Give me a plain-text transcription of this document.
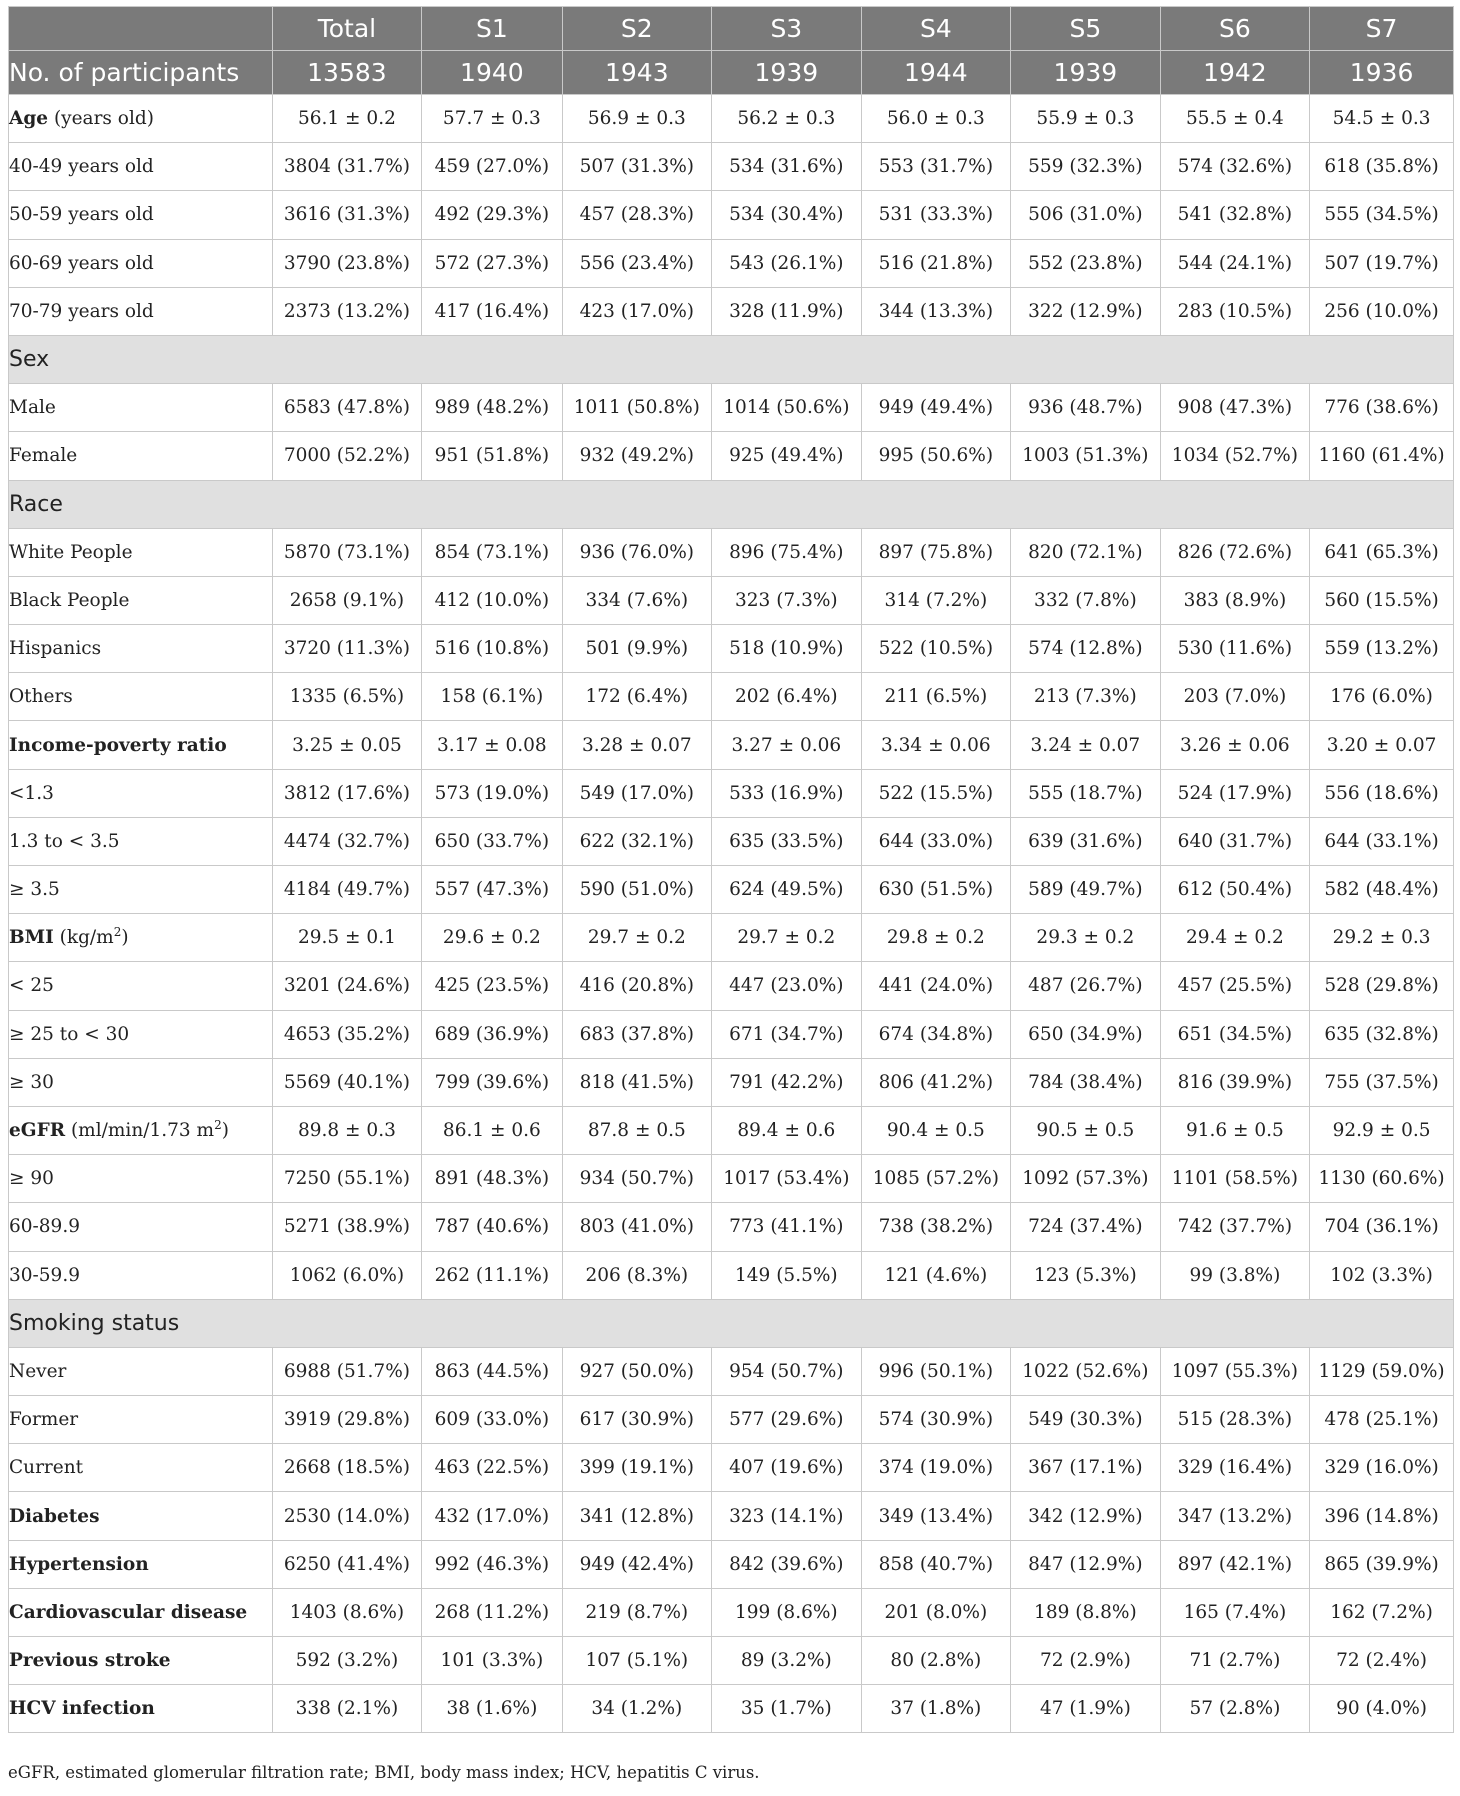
	Total	S1	S2	S3	S4	S5	S6	S7
No. of participants	13583	1940	1943	1939	1944	1939	1942	1936
Age (years old)	56.1 ± 0.2	57.7 ± 0.3	56.9 ± 0.3	56.2 ± 0.3	56.0 ± 0.3	55.9 ± 0.3	55.5 ± 0.4	54.5 ± 0.3
40-49 years old	3804 (31.7%)	459 (27.0%)	507 (31.3%)	534 (31.6%)	553 (31.7%)	559 (32.3%)	574 (32.6%)	618 (35.8%)
50-59 years old	3616 (31.3%)	492 (29.3%)	457 (28.3%)	534 (30.4%)	531 (33.3%)	506 (31.0%)	541 (32.8%)	555 (34.5%)
60-69 years old	3790 (23.8%)	572 (27.3%)	556 (23.4%)	543 (26.1%)	516 (21.8%)	552 (23.8%)	544 (24.1%)	507 (19.7%)
70-79 years old	2373 (13.2%)	417 (16.4%)	423 (17.0%)	328 (11.9%)	344 (13.3%)	322 (12.9%)	283 (10.5%)	256 (10.0%)
Sex								
Male	6583 (47.8%)	989 (48.2%)	1011 (50.8%)	1014 (50.6%)	949 (49.4%)	936 (48.7%)	908 (47.3%)	776 (38.6%)
Female	7000 (52.2%)	951 (51.8%)	932 (49.2%)	925 (49.4%)	995 (50.6%)	1003 (51.3%)	1034 (52.7%)	1160 (61.4%)
Race								
White People	5870 (73.1%)	854 (73.1%)	936 (76.0%)	896 (75.4%)	897 (75.8%)	820 (72.1%)	826 (72.6%)	641 (65.3%)
Black People	2658 (9.1%)	412 (10.0%)	334 (7.6%)	323 (7.3%)	314 (7.2%)	332 (7.8%)	383 (8.9%)	560 (15.5%)
Hispanics	3720 (11.3%)	516 (10.8%)	501 (9.9%)	518 (10.9%)	522 (10.5%)	574 (12.8%)	530 (11.6%)	559 (13.2%)
Others	1335 (6.5%)	158 (6.1%)	172 (6.4%)	202 (6.4%)	211 (6.5%)	213 (7.3%)	203 (7.0%)	176 (6.0%)
Income-poverty ratio	3.25 ± 0.05	3.17 ± 0.08	3.28 ± 0.07	3.27 ± 0.06	3.34 ± 0.06	3.24 ± 0.07	3.26 ± 0.06	3.20 ± 0.07
<1.3	3812 (17.6%)	573 (19.0%)	549 (17.0%)	533 (16.9%)	522 (15.5%)	555 (18.7%)	524 (17.9%)	556 (18.6%)
1.3 to < 3.5	4474 (32.7%)	650 (33.7%)	622 (32.1%)	635 (33.5%)	644 (33.0%)	639 (31.6%)	640 (31.7%)	644 (33.1%)
≥ 3.5	4184 (49.7%)	557 (47.3%)	590 (51.0%)	624 (49.5%)	630 (51.5%)	589 (49.7%)	612 (50.4%)	582 (48.4%)
BMI $(kg/m^2)$	29.5 ± 0.1	29.6 ± 0.2	29.7 ± 0.2	29.7 ± 0.2	29.8 ± 0.2	29.3 ± 0.2	29.4 ± 0.2	29.2 ± 0.3
< 25	3201 (24.6%)	425 (23.5%)	416 (20.8%)	447 (23.0%)	441 (24.0%)	487 (26.7%)	457 (25.5%)	528 (29.8%)
≥ 25 to < 30	4653 (35.2%)	689 (36.9%)	683 (37.8%)	671 (34.7%)	674 (34.8%)	650 (34.9%)	651 (34.5%)	635 (32.8%)
≥ 30	5569 (40.1%)	799 (39.6%)	818 (41.5%)	791 (42.2%)	806 (41.2%)	784 (38.4%)	816 (39.9%)	755 (37.5%)
eGFR (ml/min/1.73 $m^2$)	89.8 ± 0.3	86.1 ± 0.6	87.8 ± 0.5	89.4 ± 0.6	90.4 ± 0.5	90.5 ± 0.5	91.6 ± 0.5	92.9 ± 0.5
≥ 90	7250 (55.1%)	891 (48.3%)	934 (50.7%)	1017 (53.4%)	1085 (57.2%)	1092 (57.3%)	1101 (58.5%)	1130 (60.6%)
60-89.9	5271 (38.9%)	787 (40.6%)	803 (41.0%)	773 (41.1%)	738 (38.2%)	724 (37.4%)	742 (37.7%)	704 (36.1%)
30-59.9	1062 (6.0%)	262 (11.1%)	206 (8.3%)	149 (5.5%)	121 (4.6%)	123 (5.3%)	99 (3.8%)	102 (3.3%)
Smoking status								
Never	6988 (51.7%)	863 (44.5%)	927 (50.0%)	954 (50.7%)	996 (50.1%)	1022 (52.6%)	1097 (55.3%)	1129 (59.0%)
Former	3919 (29.8%)	609 (33.0%)	617 (30.9%)	577 (29.6%)	574 (30.9%)	549 (30.3%)	515 (28.3%)	478 (25.1%)
Current	2668 (18.5%)	463 (22.5%)	399 (19.1%)	407 (19.6%)	374 (19.0%)	367 (17.1%)	329 (16.4%)	329 (16.0%)
Diabetes	2530 (14.0%)	432 (17.0%)	341 (12.8%)	323 (14.1%)	349 (13.4%)	342 (12.9%)	347 (13.2%)	396 (14.8%)
Hypertension	6250 (41.4%)	992 (46.3%)	949 (42.4%)	842 (39.6%)	858 (40.7%)	847 (12.9%)	897 (42.1%)	865 (39.9%)
Cardiovascular disease	1403 (8.6%)	268 (11.2%)	219 (8.7%)	199 (8.6%)	201 (8.0%)	189 (8.8%)	165 (7.4%)	162 (7.2%)
Previous stroke	592 (3.2%)	101 (3.3%)	107 (5.1%)	89 (3.2%)	80 (2.8%)	72 (2.9%)	71 (2.7%)	72 (2.4%)
HCV infection	338 (2.1%)	38 (1.6%)	34 (1.2%)	35 (1.7%)	37 (1.8%)	47 (1.9%)	57 (2.8%)	90 (4.0%)
eGFR, estimated glomerular filtration rate; BMI, body mass index; HCV, hepatitis C virus.
